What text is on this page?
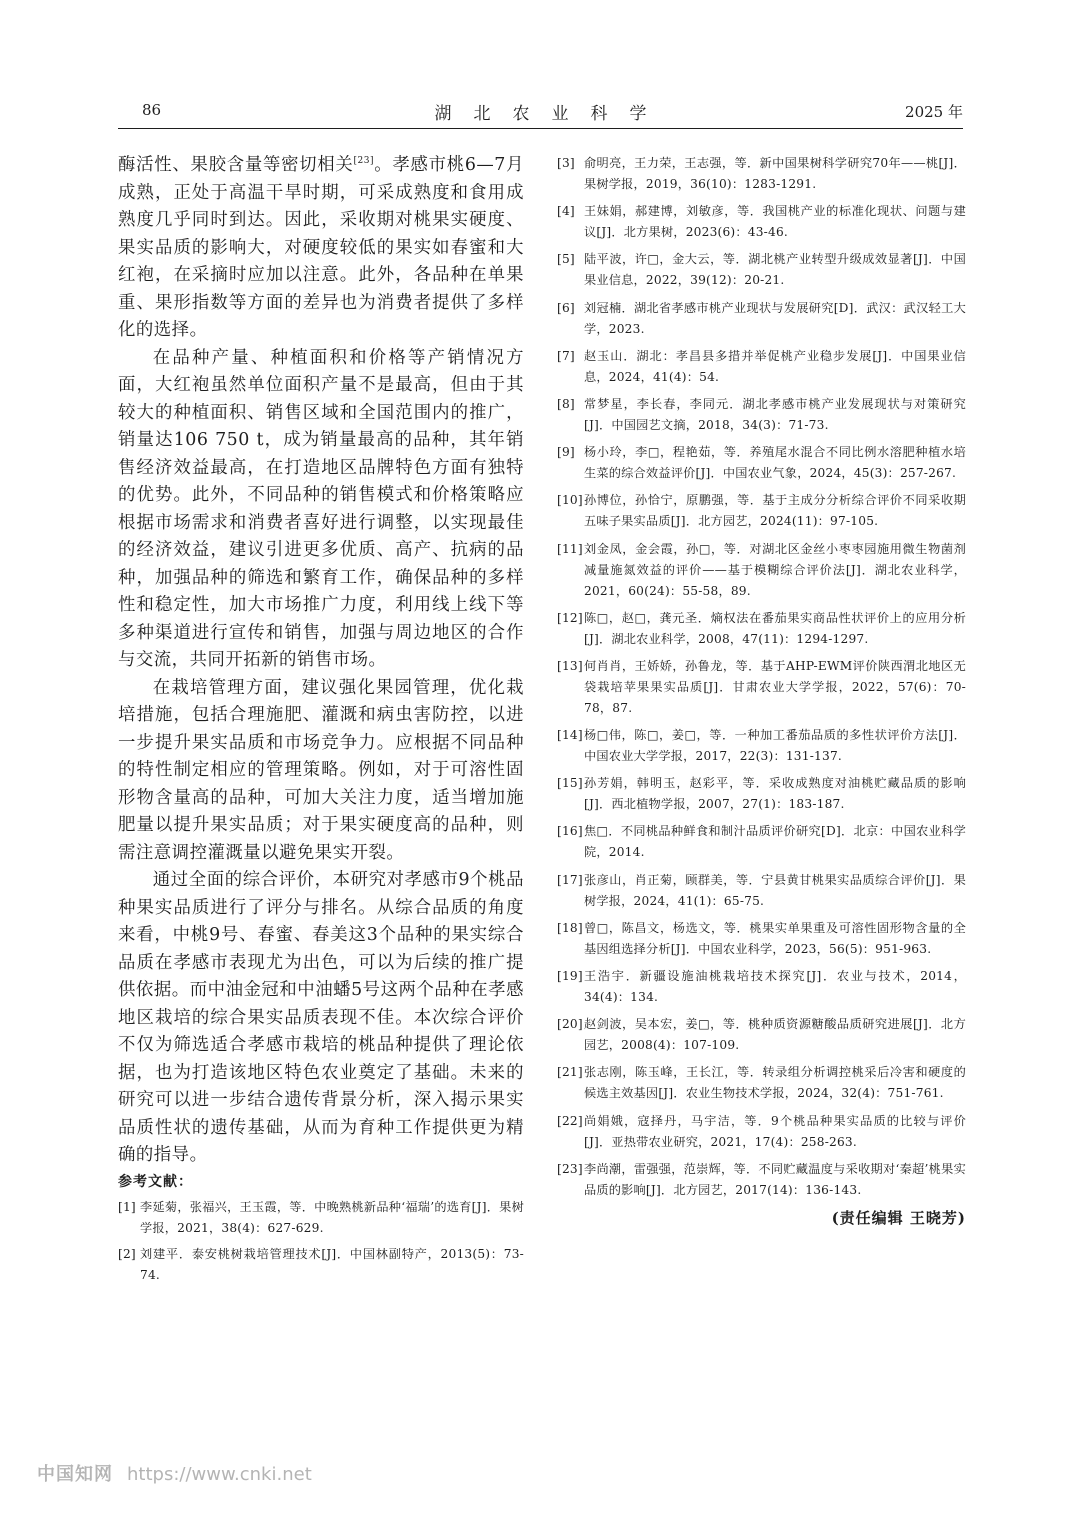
86	湖北农业科学	2025 年

酶活性、果胶含量等密切相关[23]。孝感市桃6—7月成熟，正处于高温干旱时期，可采成熟度和食用成熟度几乎同时到达。因此，采收期对桃果实硬度、果实品质的影响大，对硬度较低的果实如春蜜和大红袍，在采摘时应加以注意。此外，各品种在单果重、果形指数等方面的差异也为消费者提供了多样化的选择。

在品种产量、种植面积和价格等产销情况方面，大红袍虽然单位面积产量不是最高，但由于其较大的种植面积、销售区域和全国范围内的推广，销量达106 750 t，成为销量最高的品种，其年销售经济效益最高，在打造地区品牌特色方面有独特的优势。此外，不同品种的销售模式和价格策略应根据市场需求和消费者喜好进行调整，以实现最佳的经济效益，建议引进更多优质、高产、抗病的品种，加强品种的筛选和繁育工作，确保品种的多样性和稳定性，加大市场推广力度，利用线上线下等多种渠道进行宣传和销售，加强与周边地区的合作与交流，共同开拓新的销售市场。

在栽培管理方面，建议强化果园管理，优化栽培措施，包括合理施肥、灌溉和病虫害防控，以进一步提升果实品质和市场竞争力。应根据不同品种的特性制定相应的管理策略。例如，对于可溶性固形物含量高的品种，可加大关注力度，适当增加施肥量以提升果实品质；对于果实硬度高的品种，则需注意调控灌溉量以避免果实开裂。

通过全面的综合评价，本研究对孝感市9个桃品种果实品质进行了评分与排名。从综合品质的角度来看，中桃9号、春蜜、春美这3个品种的果实综合品质在孝感市表现尤为出色，可以为后续的推广提供依据。而中油金冠和中油蟠5号这两个品种在孝感地区栽培的综合果实品质表现不佳。本次综合评价不仅为筛选适合孝感市栽培的桃品种提供了理论依据，也为打造该地区特色农业奠定了基础。未来的研究可以进一步结合遗传背景分析，深入揭示果实品质性状的遗传基础，从而为育种工作提供更为精确的指导。

参考文献：
[1] 李延菊，张福兴，王玉霞，等．中晚熟桃新品种‘福瑞’的选育[J]．果树学报，2021，38(4)：627-629.
[2] 刘建平．泰安桃树栽培管理技术[J]．中国林副特产，2013(5)：73-74.
[3] 俞明亮，王力荣，王志强，等．新中国果树科学研究70年——桃[J]．果树学报，2019，36(10)：1283-1291.
[4] 王妹娟，郝建博，刘敏彦，等．我国桃产业的标准化现状、问题与建议[J]．北方果树，2023(6)：43-46.
[5] 陆平波，许□，金大云，等．湖北桃产业转型升级成效显著[J]．中国果业信息，2022，39(12)：20-21.
[6] 刘冠楠．湖北省孝感市桃产业现状与发展研究[D]．武汉：武汉轻工大学，2023.
[7] 赵玉山．湖北：孝昌县多措并举促桃产业稳步发展[J]．中国果业信息，2024，41(4)：54.
[8] 常梦星，李长春，李同元．湖北孝感市桃产业发展现状与对策研究[J]．中国园艺文摘，2018，34(3)：71-73.
[9] 杨小玲，李□，程艳茹，等．养殖尾水混合不同比例水溶肥种植水培生菜的综合效益评价[J]．中国农业气象，2024，45(3)：257-267.
[10] 孙博位，孙恰宁，原鹏强，等．基于主成分分析综合评价不同采收期五味子果实品质[J]．北方园艺，2024(11)：97-105.
[11] 刘金凤，金会霞，孙□，等．对湖北区金丝小枣枣园施用微生物菌剂减量施氮效益的评价——基于模糊综合评价法[J]．湖北农业科学，2021，60(24)：55-58，89.
[12] 陈□，赵□，龚元圣．熵权法在番茄果实商品性状评价上的应用分析[J]．湖北农业科学，2008，47(11)：1294-1297.
[13] 何肖肖，王娇娇，孙鲁龙，等．基于AHP-EWM评价陕西渭北地区无袋栽培苹果果实品质[J]．甘肃农业大学学报，2022，57(6)：70-78，87.
[14] 杨□伟，陈□，姜□，等．一种加工番茄品质的多性状评价方法[J]．中国农业大学学报，2017，22(3)：131-137.
[15] 孙芳娟，韩明玉，赵彩平，等．采收成熟度对油桃贮藏品质的影响[J]．西北植物学报，2007，27(1)：183-187.
[16] 焦□．不同桃品种鲜食和制汁品质评价研究[D]．北京：中国农业科学院，2014.
[17] 张彦山，肖正菊，顾群美，等．宁县黄甘桃果实品质综合评价[J]．果树学报，2024，41(1)：65-75.
[18] 曾□，陈昌文，杨选文，等．桃果实单果重及可溶性固形物含量的全基因组选择分析[J]．中国农业科学，2023，56(5)：951-963.
[19] 王浩宇．新疆设施油桃栽培技术探究[J]．农业与技术，2014，34(4)：134.
[20] 赵剑波，吴本宏，姜□，等．桃种质资源糖酸品质研究进展[J]．北方园艺，2008(4)：107-109.
[21] 张志刚，陈玉峰，王长江，等．转录组分析调控桃采后冷害和硬度的候选主效基因[J]．农业生物技术学报，2024，32(4)：751-761.
[22] 尚娟娥，寇择丹，马宇洁，等．9个桃品种果实品质的比较与评价[J]．亚热带农业研究，2021，17(4)：258-263.
[23] 李尚潮，雷强强，范崇辉，等．不同贮藏温度与采收期对‘秦超’桃果实品质的影响[J]．北方园艺，2017(14)：136-143.
(责任编辑 王晓芳)
中国知网 https://www.cnki.net
